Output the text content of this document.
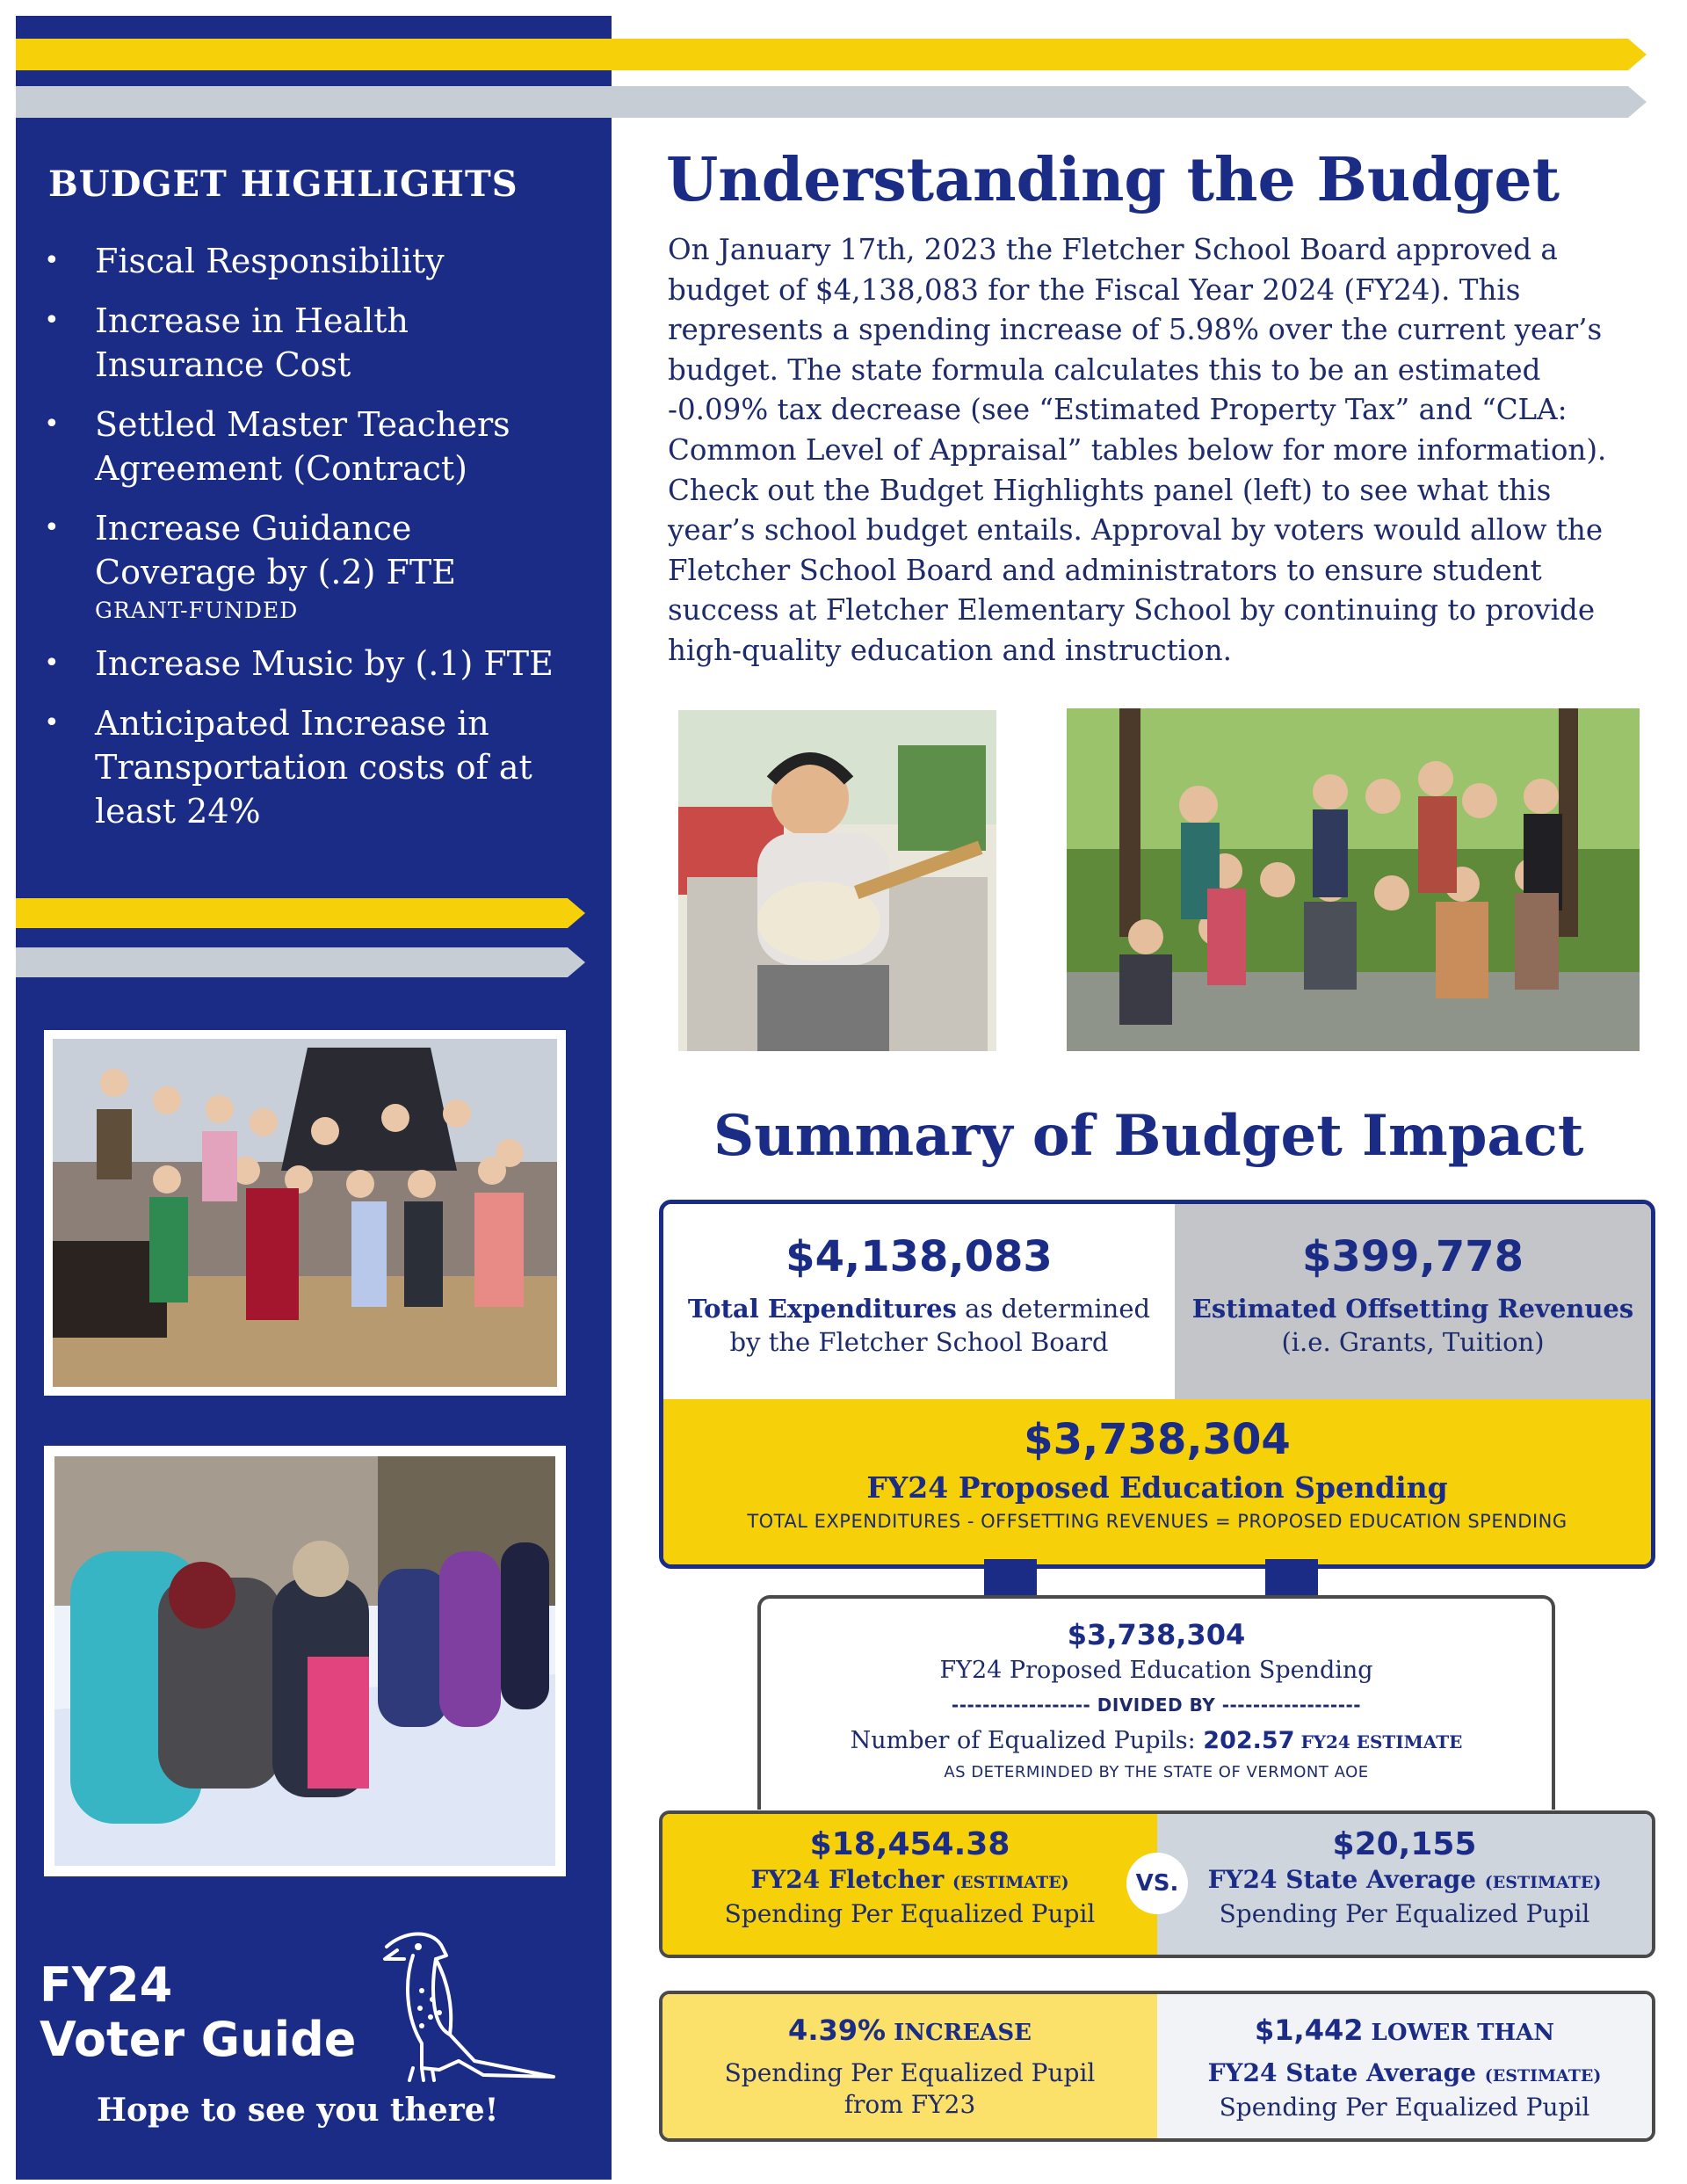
BUDGET HIGHLIGHTS
• Fiscal Responsibility
• Increase in Health Insurance Cost
• Settled Master Teachers Agreement (Contract)
• Increase Guidance Coverage by (.2) FTE
GRANT-FUNDED
• Increase Music by (.1) FTE
• Anticipated Increase in Transportation costs of at least 24%
FY24
Voter Guide
Hope to see you there!
Understanding the Budget
On January 17th, 2023 the Fletcher School Board approved a budget of $4,138,083 for the Fiscal Year 2024 (FY24). This represents a spending increase of 5.98% over the current year’s budget. The state formula calculates this to be an estimated -0.09% tax decrease (see “Estimated Property Tax” and “CLA: Common Level of Appraisal” tables below for more information). Check out the Budget Highlights panel (left) to see what this year’s school budget entails. Approval by voters would allow the Fletcher School Board and administrators to ensure student success at Fletcher Elementary School by continuing to provide high-quality education and instruction.
Summary of Budget Impact
$4,138,083
Total Expenditures as determined
by the Fletcher School Board
$399,778
Estimated Offsetting Revenues
(i.e. Grants, Tuition)
$3,738,304
FY24 Proposed Education Spending
TOTAL EXPENDITURES - OFFSETTING REVENUES = PROPOSED EDUCATION SPENDING
$3,738,304
FY24 Proposed Education Spending
------------------ DIVIDED BY ------------------
Number of Equalized Pupils: 202.57 FY24 ESTIMATE
AS DETERMINDED BY THE STATE OF VERMONT AOE
$18,454.38
FY24 Fletcher (ESTIMATE)
Spending Per Equalized Pupil
$20,155
FY24 State Average (ESTIMATE)
Spending Per Equalized Pupil
VS.
4.39% INCREASE
Spending Per Equalized Pupil
from FY23
$1,442 LOWER THAN
FY24 State Average (ESTIMATE)
Spending Per Equalized Pupil
